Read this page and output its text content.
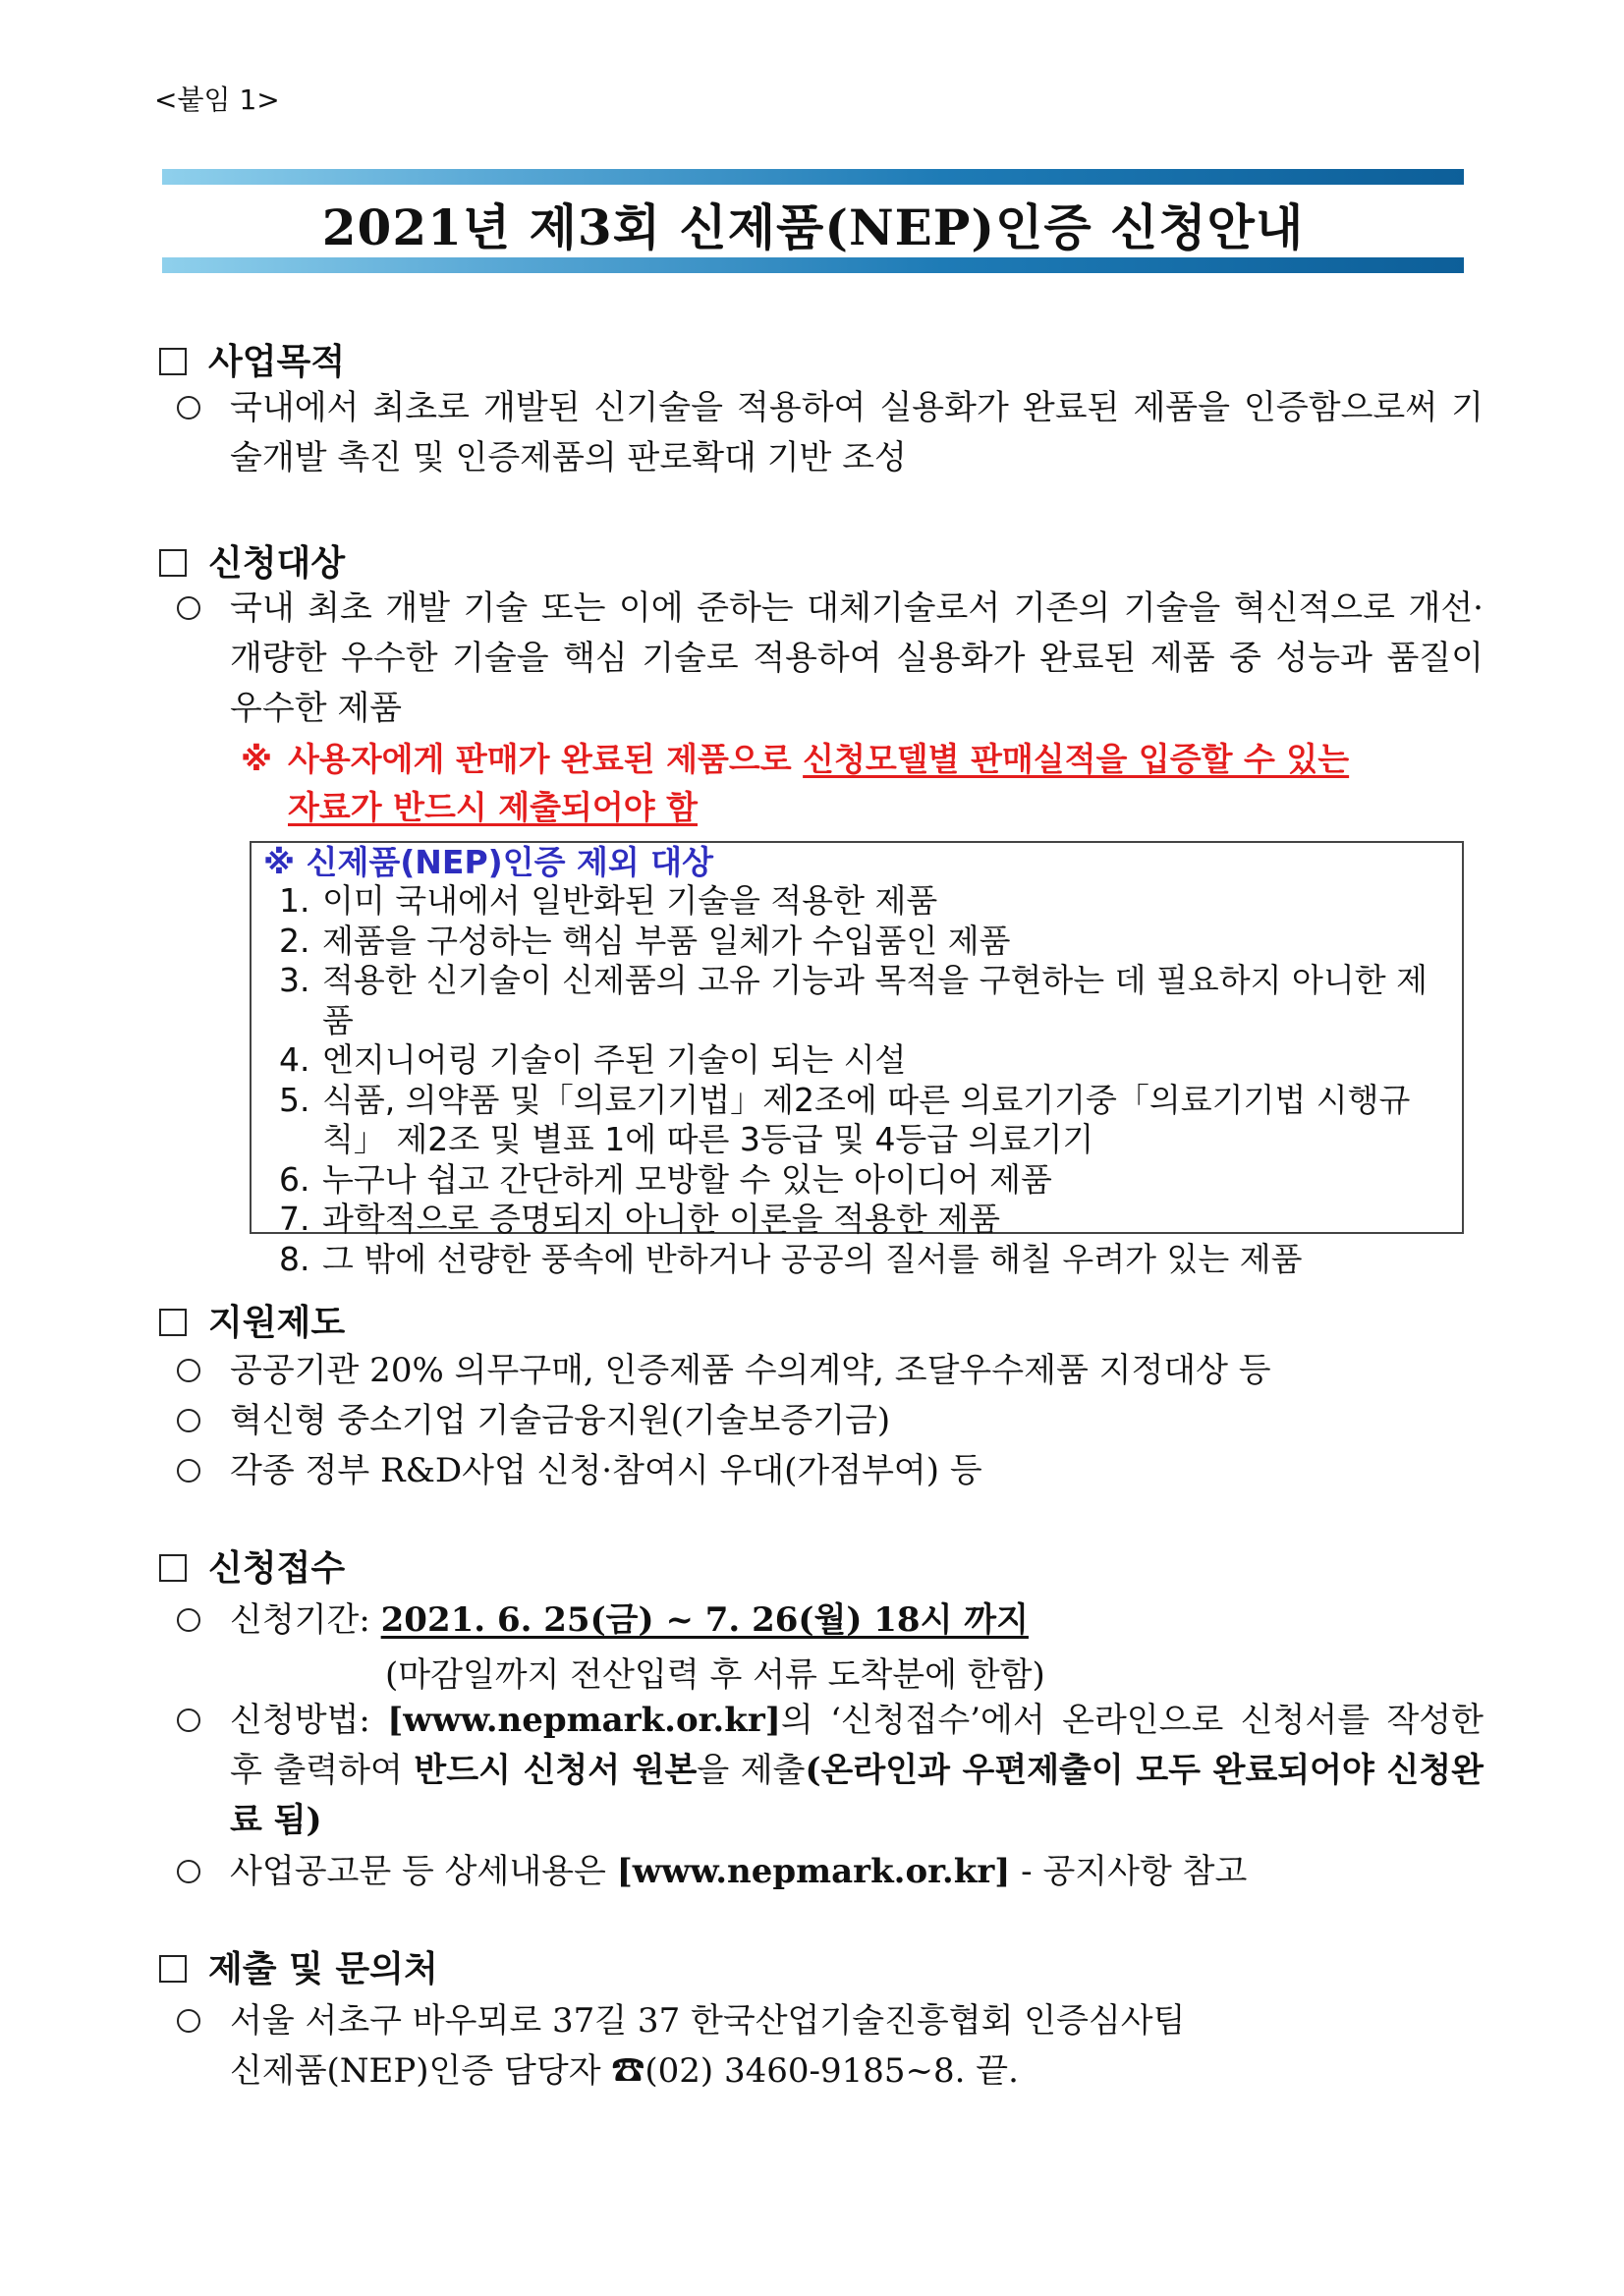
<붙임 1>
2021년 제3회 신제품(NEP)인증 신청안내
사업목적
국내에서 최초로 개발된 신기술을 적용하여 실용화가 완료된 제품을 인증함으로써 기술개발 촉진 및 인증제품의 판로확대 기반 조성
신청대상
국내 최초 개발 기술 또는 이에 준하는 대체기술로서 기존의 기술을 혁신적으로 개선·개량한 우수한 기술을 핵심 기술로 적용하여 실용화가 완료된 제품 중 성능과 품질이 우수한 제품
※ 사용자에게 판매가 완료된 제품으로 신청모델별 판매실적을 입증할 수 있는
자료가 반드시 제출되어야 함
※ 신제품(NEP)인증 제외 대상
1. 이미 국내에서 일반화된 기술을 적용한 제품
2. 제품을 구성하는 핵심 부품 일체가 수입품인 제품
3. 적용한 신기술이 신제품의 고유 기능과 목적을 구현하는 데 필요하지 아니한 제품
4. 엔지니어링 기술이 주된 기술이 되는 시설
5. 식품, 의약품 및「의료기기법」제2조에 따른 의료기기중「의료기기법 시행규칙」 제2조 및 별표 1에 따른 3등급 및 4등급 의료기기
6. 누구나 쉽고 간단하게 모방할 수 있는 아이디어 제품
7. 과학적으로 증명되지 아니한 이론을 적용한 제품
8. 그 밖에 선량한 풍속에 반하거나 공공의 질서를 해칠 우려가 있는 제품
지원제도
공공기관 20% 의무구매, 인증제품 수의계약, 조달우수제품 지정대상 등
혁신형 중소기업 기술금융지원(기술보증기금)
각종 정부 R&D사업 신청·참여시 우대(가점부여) 등
신청접수
신청기간: 2021. 6. 25(금) ~ 7. 26(월) 18시 까지
(마감일까지 전산입력 후 서류 도착분에 한함)
신청방법: [www.nepmark.or.kr]의 ‘신청접수’에서 온라인으로 신청서를 작성한 후 출력하여 반드시 신청서 원본을 제출(온라인과 우편제출이 모두 완료되어야 신청완료 됨)
사업공고문 등 상세내용은 [www.nepmark.or.kr] - 공지사항 참고
제출 및 문의처
서울 서초구 바우뫼로 37길 37 한국산업기술진흥협회 인증심사팀
신제품(NEP)인증 담당자 ☎(02) 3460-9185~8. 끝.
